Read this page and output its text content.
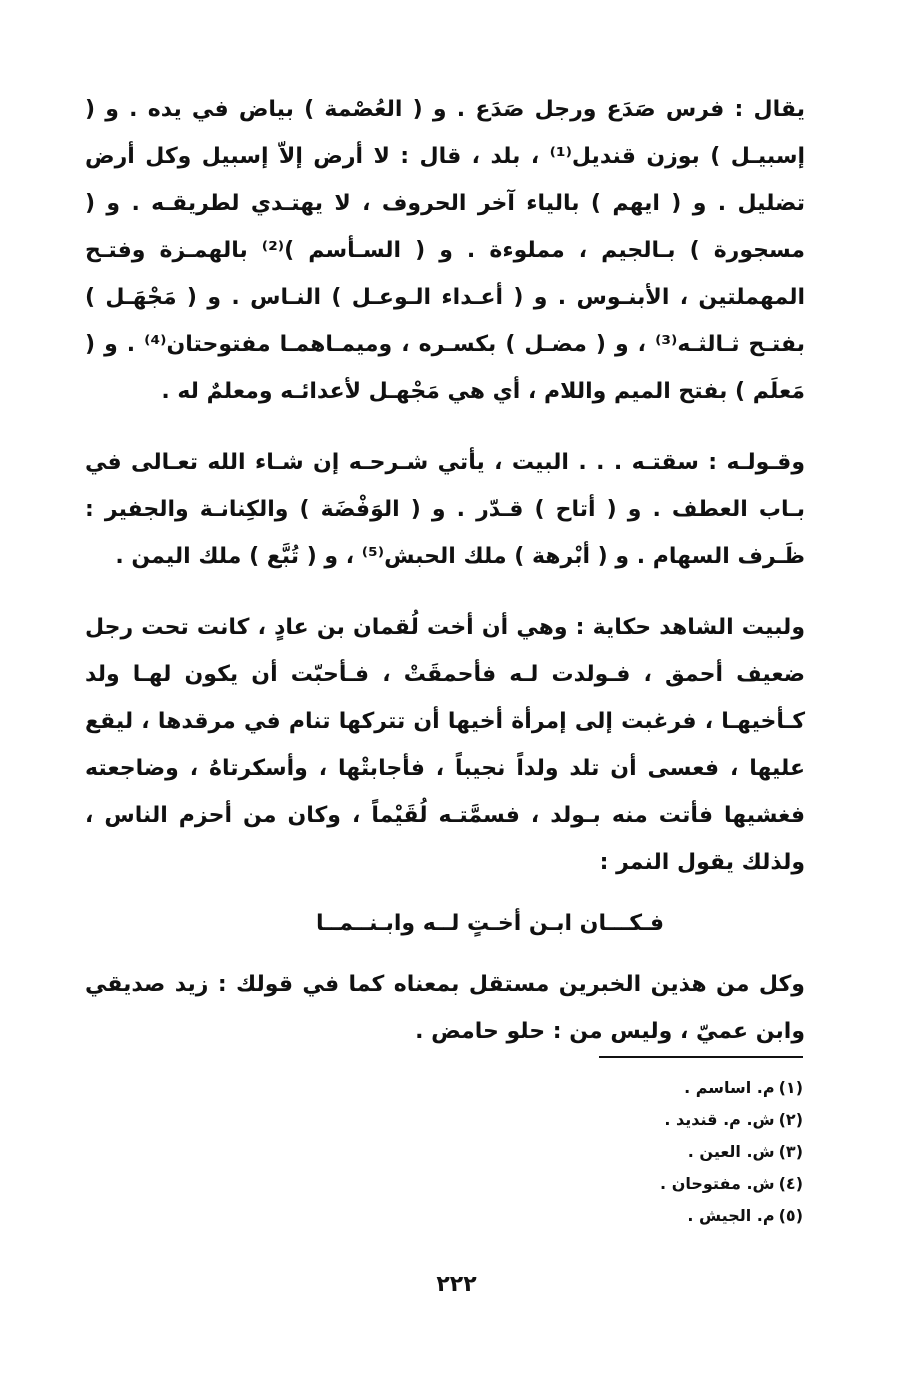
يقال : فرس صَدَع ورجل صَدَع . و ( العُصْمة ) بياض في يده . و ( إسبيـل ) بوزن قنديل⁽¹⁾ ، بلد ، قال : لا أرض إلاّ إسبيل وكل أرض تضليل . و ( ايهم ) بالياء آخر الحروف ، لا يهتـدي لطريقـه . و ( مسجورة ) بـالجيم ، مملوءة . و ( السـأسم )⁽²⁾ بالهمـزة وفتـح المهملتين ، الأبنـوس . و ( أعـداء الـوعـل ) النـاس . و ( مَجْهَـل ) بفتـح ثـالثـه⁽³⁾ ، و ( مضـل ) بكسـره ، وميمـاهمـا مفتوحتان⁽⁴⁾ . و ( مَعلَم ) بفتح الميم واللام ، أي هي مَجْهـل لأعدائـه ومعلمٌ له .

وقـولـه : سقتـه . . . البيت ، يأتي شـرحـه إن شـاء الله تعـالى في بـاب العطف . و ( أتاح ) قـدّر . و ( الوَفْضَة ) والكِنانـة والجفير : ظَـرف السهام . و ( أبْرهة ) ملك الحبش⁽⁵⁾ ، و ( تُبَّع ) ملك اليمن .

ولبيت الشاهد حكاية : وهي أن أخت لُقمان بن عادٍ ، كانت تحت رجل ضعيف أحمق ، فـولدت لـه فأحمقَتْ ، فـأحبّت أن يكون لهـا ولد كـأخيهـا ، فرغبت إلى إمرأة أخيها أن تتركها تنام في مرقدها ، ليقع عليها ، فعسى أن تلد ولداً نجيباً ، فأجابتْها ، وأسكرتاهُ ، وضاجعته فغشيها فأتت منه بـولد ، فسمَّتـه لُقَيْماً ، وكان من أحزم الناس ، ولذلك يقول النمر :

فـكـــان ابـن أخـتٍ لــه وابـنــمــا

وكل من هذين الخبرين مستقل بمعناه كما في قولك : زيد صديقي وابن عميّ ، وليس من : حلو حامض .

(١)م. اساسم .
(٢)ش. م. قنديد .
(٣)ش. العين .
(٤)ش. مفتوحان .
(٥)م. الجيش .
٢٢٢
